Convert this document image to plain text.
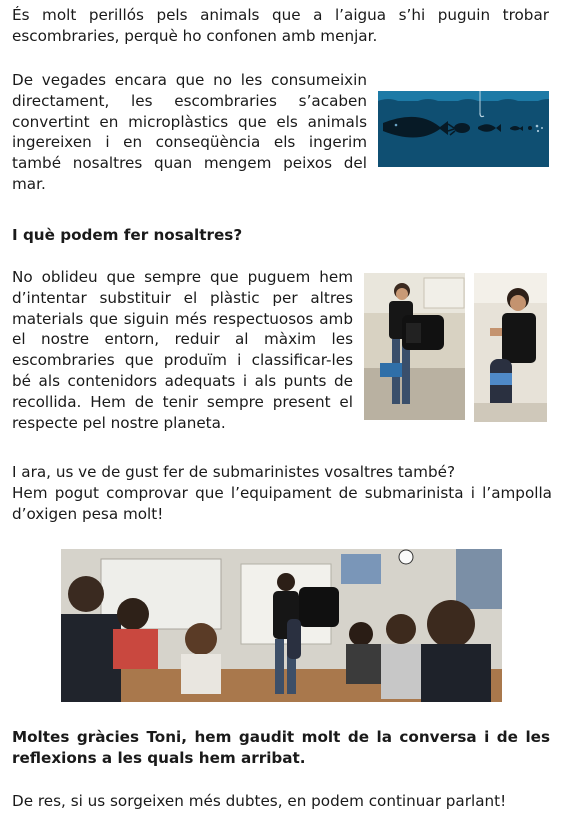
És molt perillós pels animals que a l’aigua s’hi puguin trobar escombraries, perquè ho confonen amb menjar.

De vegades encara que no les consumeixin directament, les escombraries s’acaben convertint en microplàstics que els animals ingereixen i en conseqüència els ingerim també nosaltres quan mengem peixos del mar.

I què podem fer nosaltres?

No oblideu que sempre que puguem hem d’intentar substituir el plàstic per altres materials que siguin més respectuosos amb el nostre entorn, reduir al màxim les escombraries que produïm i classificar-les bé als contenidors adequats i als punts de recollida. Hem de tenir sempre present el respecte pel nostre planeta.

I ara, us ve de gust fer de submarinistes vosaltres també?

Hem pogut comprovar que l’equipament de submarinista i l’ampolla d’oxigen pesa molt!

Moltes gràcies Toni, hem gaudit molt de la conversa i de les reflexions a les quals hem arribat.

De res, si us sorgeixen més dubtes, en podem continuar parlant!
